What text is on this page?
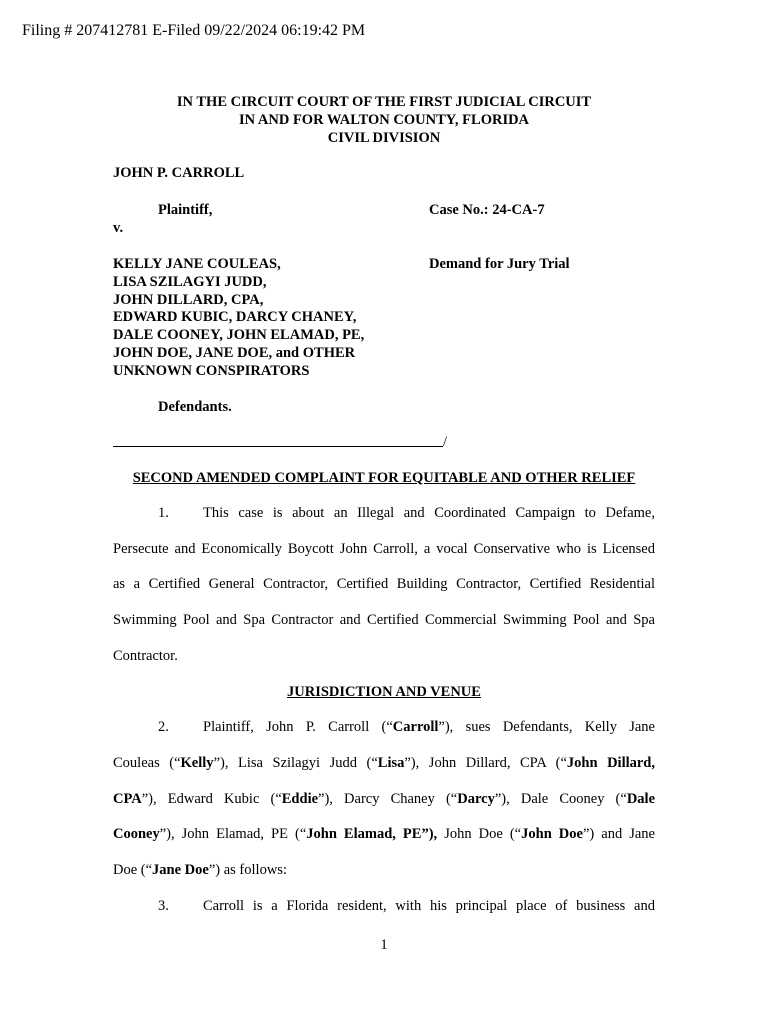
Filing # 207412781 E-Filed 09/22/2024 06:19:42 PM
IN THE CIRCUIT COURT OF THE FIRST JUDICIAL CIRCUIT
IN AND FOR WALTON COUNTY, FLORIDA
CIVIL DIVISION
JOHN P. CARROLL
Plaintiff,	Case No.: 24-CA-7
v.
KELLY JANE COULEAS,
LISA SZILAGYI JUDD,
JOHN DILLARD, CPA,
EDWARD KUBIC, DARCY CHANEY,
DALE COONEY, JOHN ELAMAD, PE,
JOHN DOE, JANE DOE, and OTHER
UNKNOWN CONSPIRATORS
Demand for Jury Trial
Defendants.
/
SECOND AMENDED COMPLAINT FOR EQUITABLE AND OTHER RELIEF
1. This case is about an Illegal and Coordinated Campaign to Defame,
Persecute and Economically Boycott John Carroll, a vocal Conservative who is Licensed
as a Certified General Contractor, Certified Building Contractor, Certified Residential
Swimming Pool and Spa Contractor and Certified Commercial Swimming Pool and Spa
Contractor.
JURISDICTION AND VENUE
2. Plaintiff, John P. Carroll (“Carroll”), sues Defendants, Kelly Jane
Couleas (“Kelly”), Lisa Szilagyi Judd (“Lisa”), John Dillard, CPA (“John Dillard,
CPA”), Edward Kubic (“Eddie”), Darcy Chaney (“Darcy”), Dale Cooney (“Dale
Cooney”), John Elamad, PE (“John Elamad, PE”), John Doe (“John Doe”) and Jane
Doe (“Jane Doe”) as follows:
3. Carroll is a Florida resident, with his principal place of business and
1
